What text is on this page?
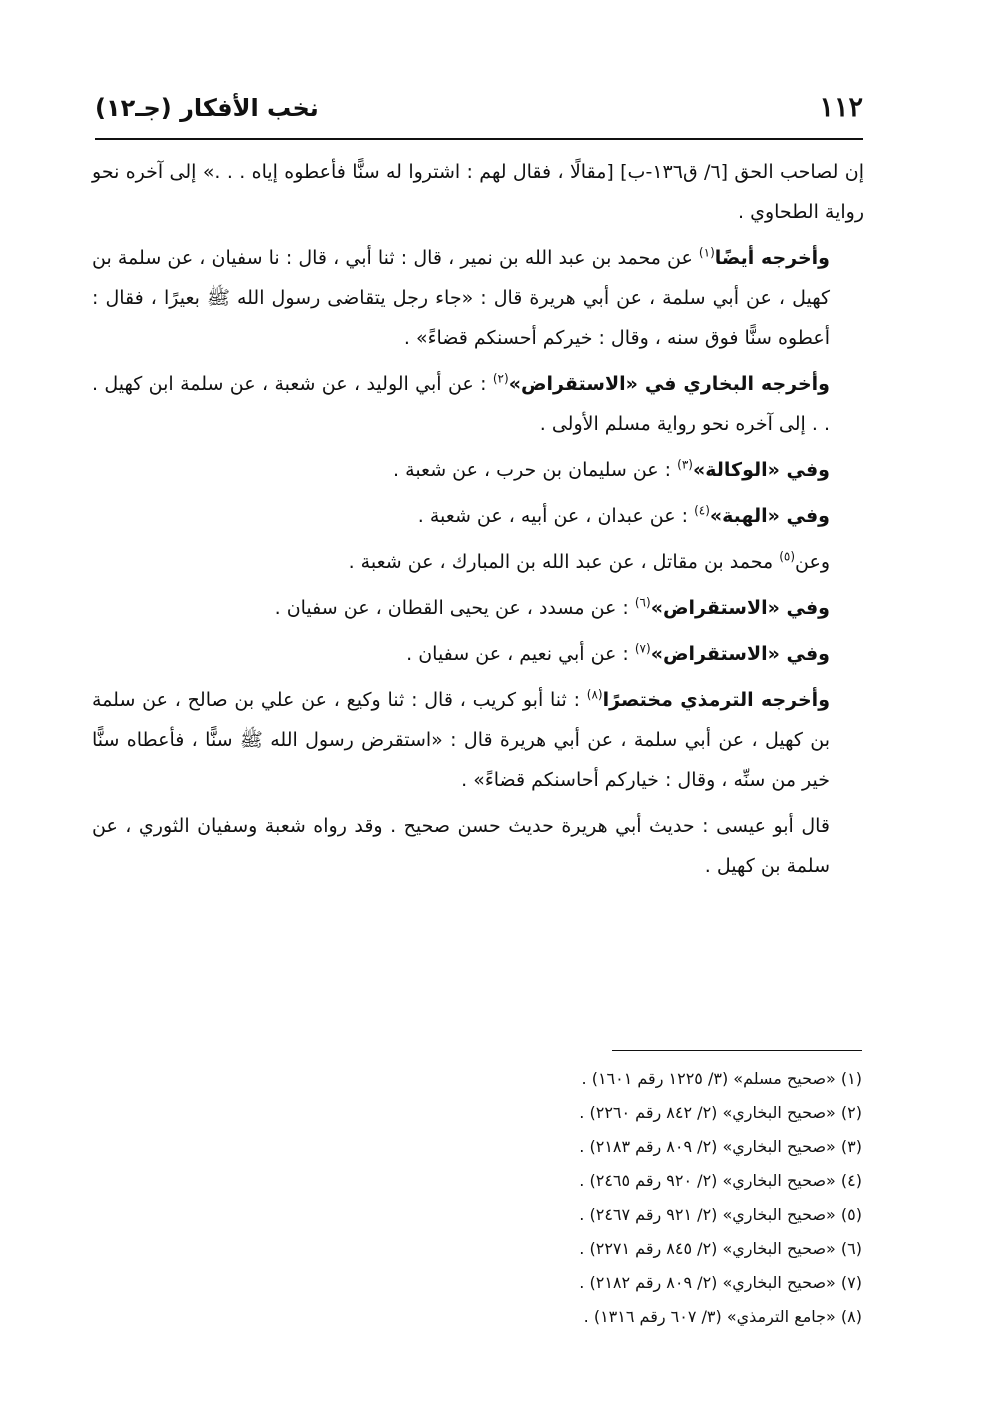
١١٢
نخب الأفكار (جـ١٢)

إن لصاحب الحق [٦/ ق١٣٦-ب] [مقالًا ، فقال لهم : اشتروا له سنًّا فأعطوه إياه . . .» إلى آخره نحو رواية الطحاوي .

وأخرجه أيضًا$^{(١)}$ عن محمد بن عبد الله بن نمير ، قال : ثنا أبي ، قال : نا سفيان ، عن سلمة بن كهيل ، عن أبي سلمة ، عن أبي هريرة قال : «جاء رجل يتقاضى رسول الله ﷺ بعيرًا ، فقال : أعطوه سنًّا فوق سنه ، وقال : خيركم أحسنكم قضاءً» .

وأخرجه البخاري في «الاستقراض»$^{(٢)}$ : عن أبي الوليد ، عن شعبة ، عن سلمة ابن كهيل . . . إلى آخره نحو رواية مسلم الأولى .

وفي «الوكالة»$^{(٣)}$ : عن سليمان بن حرب ، عن شعبة .

وفي «الهبة»$^{(٤)}$ : عن عبدان ، عن أبيه ، عن شعبة .

وعن$^{(٥)}$ محمد بن مقاتل ، عن عبد الله بن المبارك ، عن شعبة .

وفي «الاستقراض»$^{(٦)}$ : عن مسدد ، عن يحيى القطان ، عن سفيان .

وفي «الاستقراض»$^{(٧)}$ : عن أبي نعيم ، عن سفيان .

وأخرجه الترمذي مختصرًا$^{(٨)}$ : ثنا أبو كريب ، قال : ثنا وكيع ، عن علي بن صالح ، عن سلمة بن كهيل ، عن أبي سلمة ، عن أبي هريرة قال : «استقرض رسول الله ﷺ سنًّا ، فأعطاه سنًّا خير من سنِّه ، وقال : خياركم أحاسنكم قضاءً» .

قال أبو عيسى : حديث أبي هريرة حديث حسن صحيح . وقد رواه شعبة وسفيان الثوري ، عن سلمة بن كهيل .

(١) «صحيح مسلم» (٣/ ١٢٢٥ رقم ١٦٠١) .

(٢) «صحيح البخاري» (٢/ ٨٤٢ رقم ٢٢٦٠) .

(٣) «صحيح البخاري» (٢/ ٨٠٩ رقم ٢١٨٣) .

(٤) «صحيح البخاري» (٢/ ٩٢٠ رقم ٢٤٦٥) .

(٥) «صحيح البخاري» (٢/ ٩٢١ رقم ٢٤٦٧) .

(٦) «صحيح البخاري» (٢/ ٨٤٥ رقم ٢٢٧١) .

(٧) «صحيح البخاري» (٢/ ٨٠٩ رقم ٢١٨٢) .

(٨) «جامع الترمذي» (٣/ ٦٠٧ رقم ١٣١٦) .
